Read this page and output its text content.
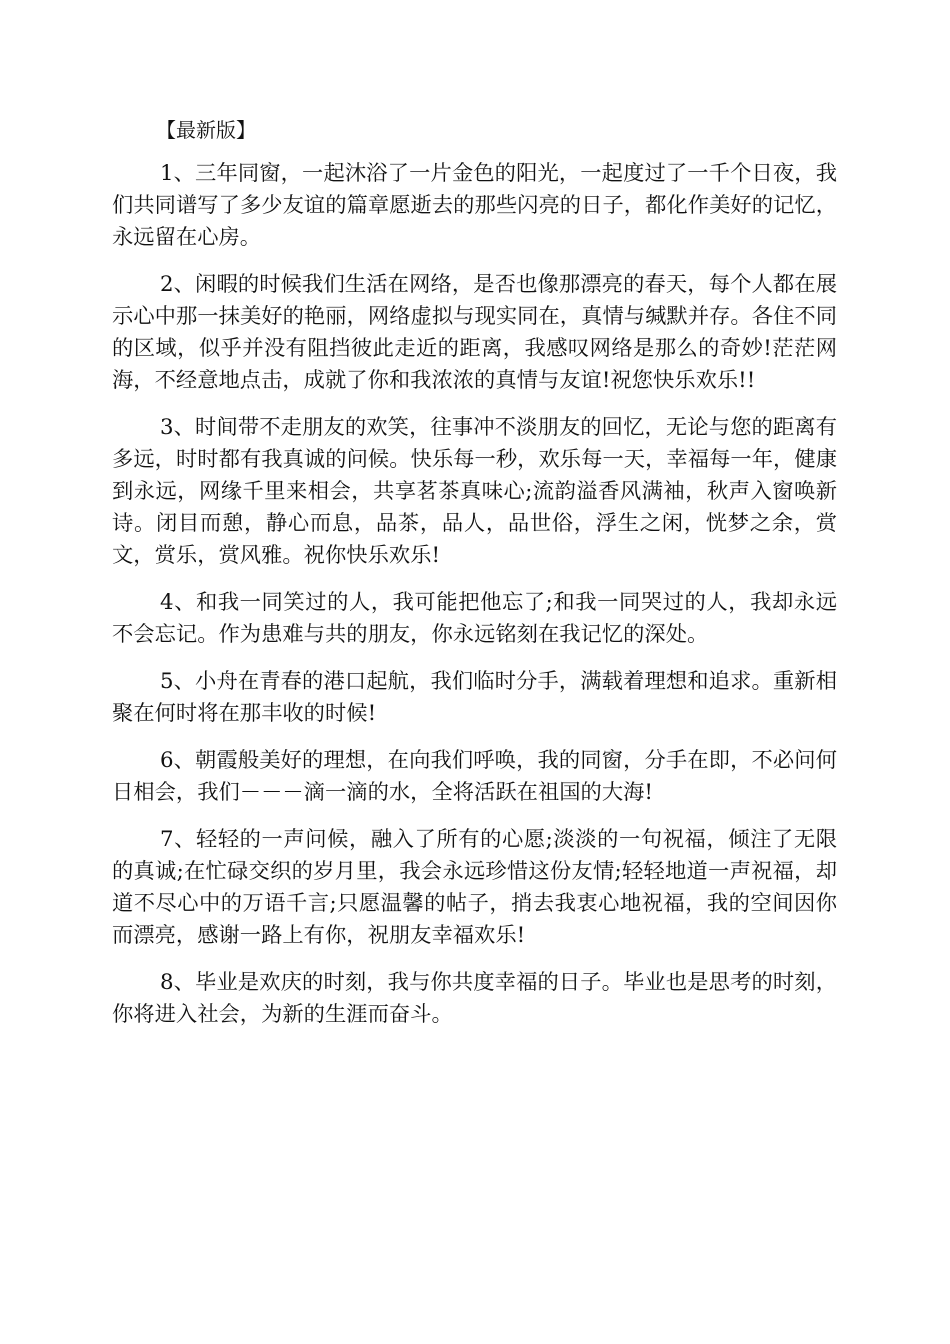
【最新版】

1、三年同窗，一起沐浴了一片金色的阳光，一起度过了一千个日夜，我们共同谱写了多少友谊的篇章愿逝去的那些闪亮的日子，都化作美好的记忆，永远留在心房。

2、闲暇的时候我们生活在网络，是否也像那漂亮的春天，每个人都在展示心中那一抹美好的艳丽，网络虚拟与现实同在，真情与缄默并存。各住不同的区域，似乎并没有阻挡彼此走近的距离，我感叹网络是那么的奇妙!茫茫网海，不经意地点击，成就了你和我浓浓的真情与友谊!祝您快乐欢乐!!

3、时间带不走朋友的欢笑，往事冲不淡朋友的回忆，无论与您的距离有多远，时时都有我真诚的问候。快乐每一秒，欢乐每一天，幸福每一年，健康到永远，网缘千里来相会，共享茗茶真味心;流韵溢香风满袖，秋声入窗唤新诗。闭目而憩，静心而息，品茶，品人，品世俗，浮生之闲，恍梦之余，赏文，赏乐，赏风雅。祝你快乐欢乐!

4、和我一同笑过的人，我可能把他忘了;和我一同哭过的人，我却永远不会忘记。作为患难与共的朋友，你永远铭刻在我记忆的深处。

5、小舟在青春的港口起航，我们临时分手，满载着理想和追求。重新相聚在何时将在那丰收的时候!

6、朝霞般美好的理想，在向我们呼唤，我的同窗，分手在即，不必问何日相会，我们－－－滴一滴的水，全将活跃在祖国的大海!

7、轻轻的一声问候，融入了所有的心愿;淡淡的一句祝福，倾注了无限的真诚;在忙碌交织的岁月里，我会永远珍惜这份友情;轻轻地道一声祝福，却道不尽心中的万语千言;只愿温馨的帖子，捎去我衷心地祝福，我的空间因你而漂亮，感谢一路上有你，祝朋友幸福欢乐!

8、毕业是欢庆的时刻，我与你共度幸福的日子。毕业也是思考的时刻，你将进入社会，为新的生涯而奋斗。
